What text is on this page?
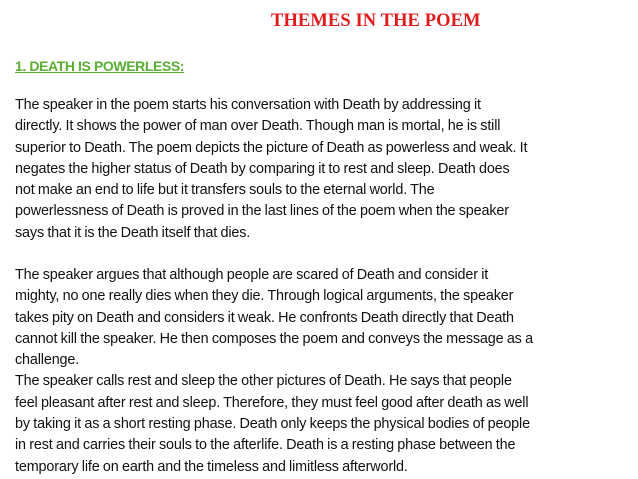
THEMES IN THE POEM
1. DEATH IS POWERLESS:
The speaker in the poem starts his conversation with Death by addressing it
directly. It shows the power of man over Death. Though man is mortal, he is still
superior to Death. The poem depicts the picture of Death as powerless and weak. It
negates the higher status of Death by comparing it to rest and sleep. Death does
not make an end to life but it transfers souls to the eternal world. The
powerlessness of Death is proved in the last lines of the poem when the speaker
says that it is the Death itself that dies.
The speaker argues that although people are scared of Death and consider it
mighty, no one really dies when they die. Through logical arguments, the speaker
takes pity on Death and considers it weak. He confronts Death directly that Death
cannot kill the speaker. He then composes the poem and conveys the message as a
challenge.
The speaker calls rest and sleep the other pictures of Death. He says that people
feel pleasant after rest and sleep. Therefore, they must feel good after death as well
by taking it as a short resting phase. Death only keeps the physical bodies of people
in rest and carries their souls to the afterlife. Death is a resting phase between the
temporary life on earth and the timeless and limitless afterworld.
